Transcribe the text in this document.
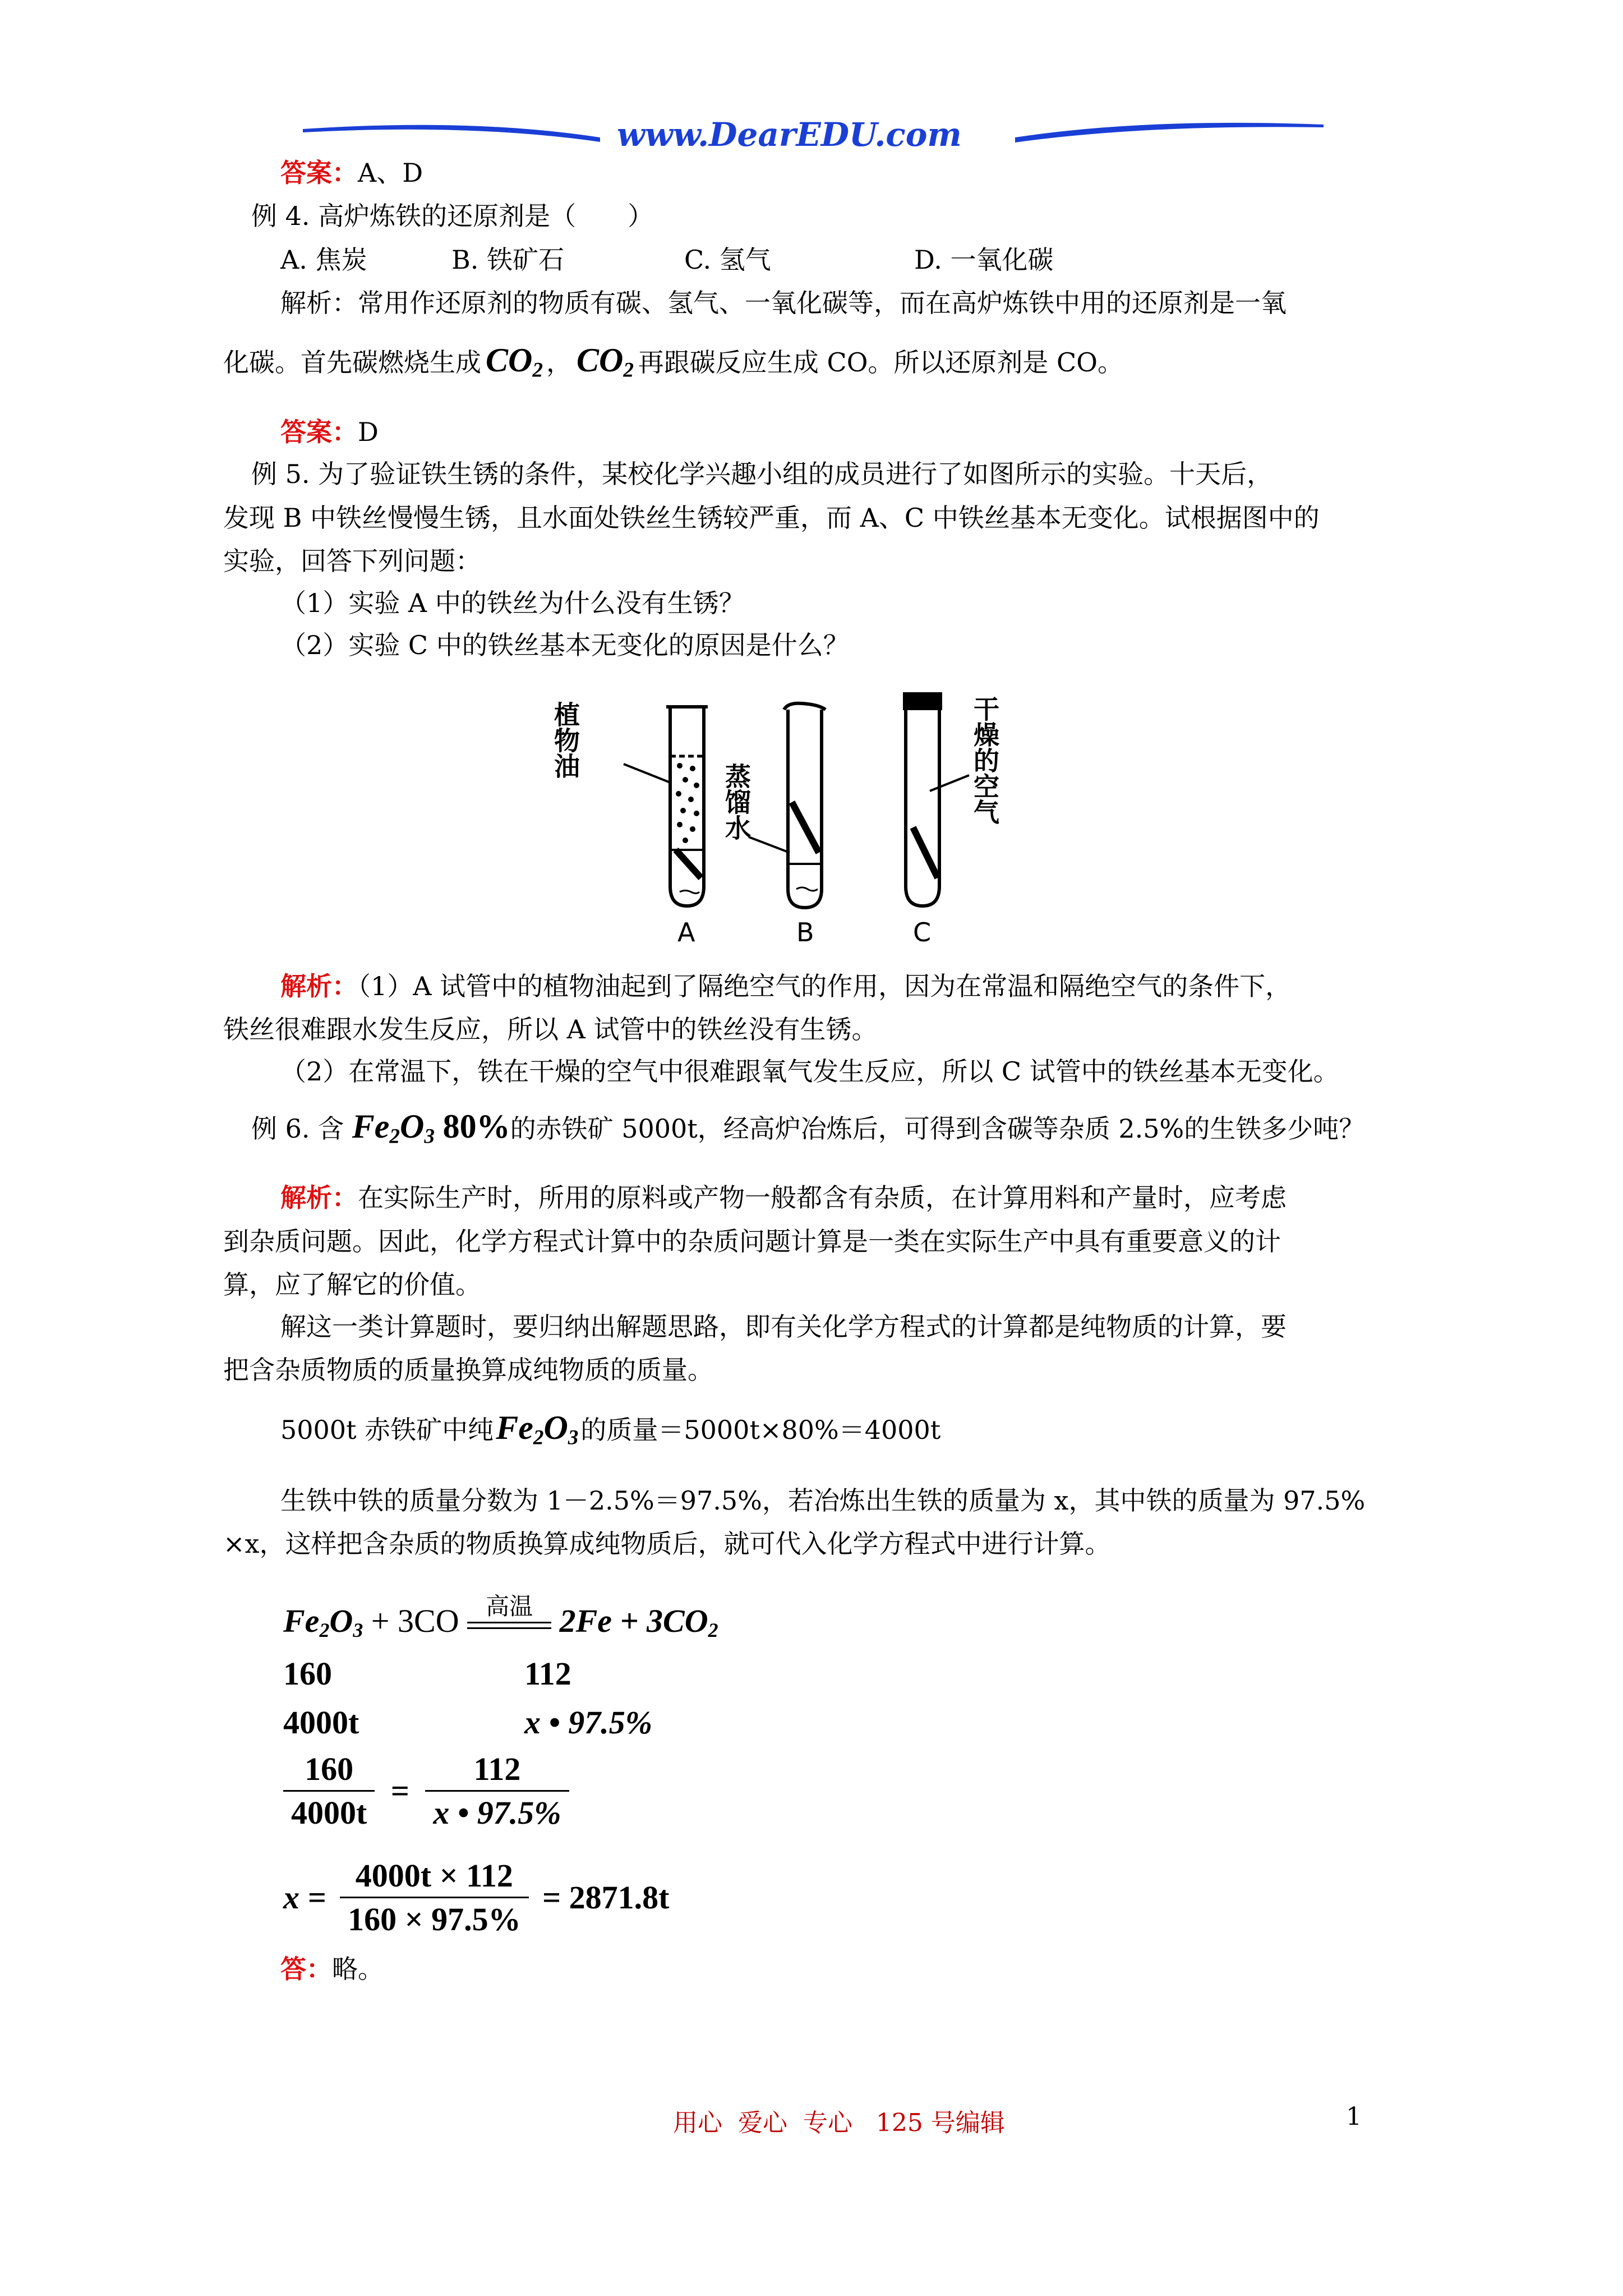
www.DearEDU.com
答案：A、D
例 4. 高炉炼铁的还原剂是（　　）
A. 焦炭	B. 铁矿石	C. 氢气	D. 一氧化碳
解析：常用作还原剂的物质有碳、氢气、一氧化碳等，而在高炉炼铁中用的还原剂是一氧
化碳。首先碳燃烧生成 $CO_2$ ， $CO_2$ 再跟碳反应生成 CO。所以还原剂是 CO。
答案：D
例 5. 为了验证铁生锈的条件，某校化学兴趣小组的成员进行了如图所示的实验。十天后，
发现 B 中铁丝慢慢生锈，且水面处铁丝生锈较严重，而 A、C 中铁丝基本无变化。试根据图中的
实验，回答下列问题：
（1）实验 A 中的铁丝为什么没有生锈？
（2）实验 C 中的铁丝基本无变化的原因是什么？
植物油
蒸馏水	干燥的空气
A	B	C
解析：（1）A 试管中的植物油起到了隔绝空气的作用，因为在常温和隔绝空气的条件下，
铁丝很难跟水发生反应，所以 A 试管中的铁丝没有生锈。
（2）在常温下，铁在干燥的空气中很难跟氧气发生反应，所以 C 试管中的铁丝基本无变化。
例 6. 含 $Fe_2O_3$ 80%的赤铁矿 5000t，经高炉冶炼后，可得到含碳等杂质 2.5%的生铁多少吨？
解析：在实际生产时，所用的原料或产物一般都含有杂质，在计算用料和产量时，应考虑
到杂质问题。因此，化学方程式计算中的杂质问题计算是一类在实际生产中具有重要意义的计
算，应了解它的价值。
解这一类计算题时，要归纳出解题思路，即有关化学方程式的计算都是纯物质的计算，要
把含杂质物质的质量换算成纯物质的质量。
5000t 赤铁矿中纯$Fe_2O_3$的质量＝5000t×80%＝4000t
生铁中铁的质量分数为 1－2.5%＝97.5%，若冶炼出生铁的质量为 x，其中铁的质量为 97.5%
×x，这样把含杂质的物质换算成纯物质后，就可代入化学方程式中进行计算。
$Fe_2O_3 + 3CO$	高温 $2Fe + 3CO_2$
160	112
4000t	x • 97.5%
$\frac{160}{4000t} = \frac{112}{x • 97.5\%}$
$x = \frac{4000t \times 112}{160 \times 97.5\%} = 2871.8t$
答：略。
用心  爱心  专心   125 号编辑	1
